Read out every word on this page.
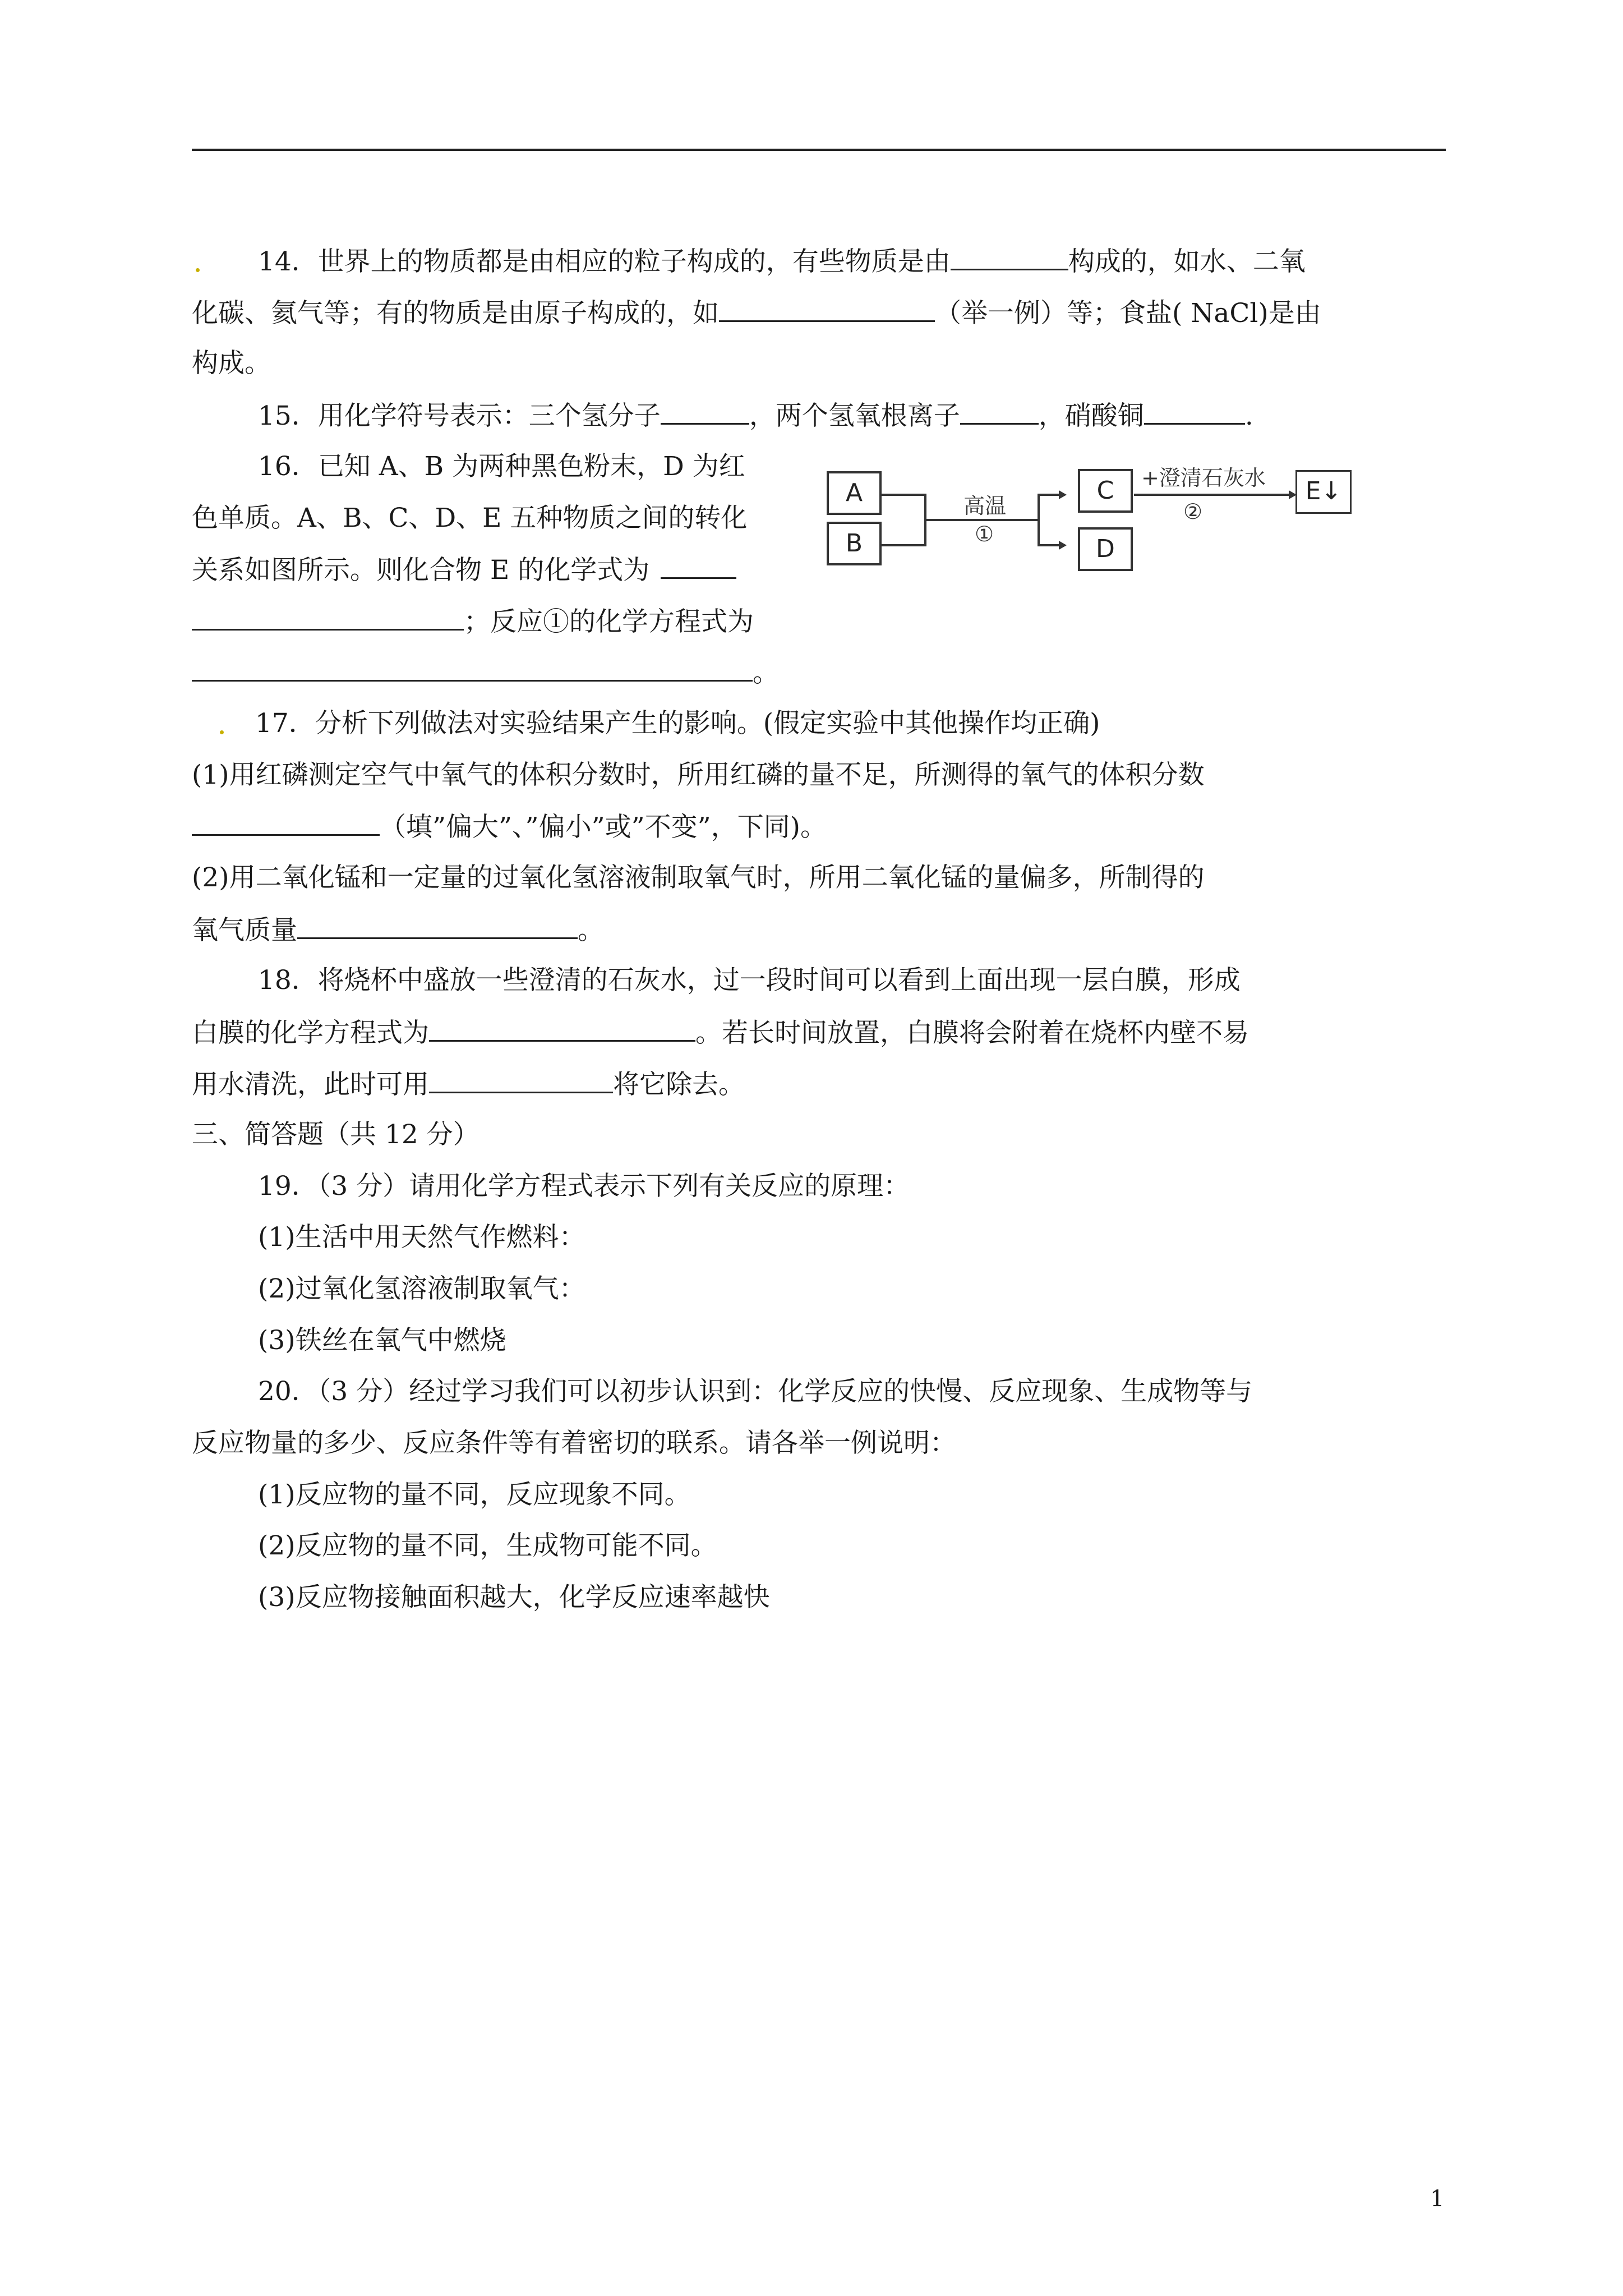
14．世界上的物质都是由相应的粒子构成的，有些物质是由	构成的，如水、二氧
化碳、氦气等；有的物质是由原子构成的，如	（举一例）等；食盐( NaCl)是由
构成。
15．用化学符号表示：三个氢分子	，两个氢氧根离子	，硝酸铜	.
16．已知 A、B 为两种黑色粉末，D 为红
色单质。A、B、C、D、E 五种物质之间的转化
关系如图所示。则化合物 E 的化学式为
；反应①的化学方程式为
。
A
B
C
D
E↓
高温
①
+澄清石灰水
②
17．分析下列做法对实验结果产生的影响。(假定实验中其他操作均正确)
(1)用红磷测定空气中氧气的体积分数时，所用红磷的量不足，所测得的氧气的体积分数
（填”偏大”、”偏小”或”不变”，下同)。
(2)用二氧化锰和一定量的过氧化氢溶液制取氧气时，所用二氧化锰的量偏多，所制得的
氧气质量	。
18．将烧杯中盛放一些澄清的石灰水，过一段时间可以看到上面出现一层白膜，形成
白膜的化学方程式为	。若长时间放置，白膜将会附着在烧杯内壁不易
用水清洗，此时可用	将它除去。
三、简答题（共 12 分）
19．（3 分）请用化学方程式表示下列有关反应的原理：
(1)生活中用天然气作燃料：
(2)过氧化氢溶液制取氧气：
(3)铁丝在氧气中燃烧
20．（3 分）经过学习我们可以初步认识到：化学反应的快慢、反应现象、生成物等与
反应物量的多少、反应条件等有着密切的联系。请各举一例说明：
(1)反应物的量不同，反应现象不同。
(2)反应物的量不同，生成物可能不同。
(3)反应物接触面积越大，化学反应速率越快
1
